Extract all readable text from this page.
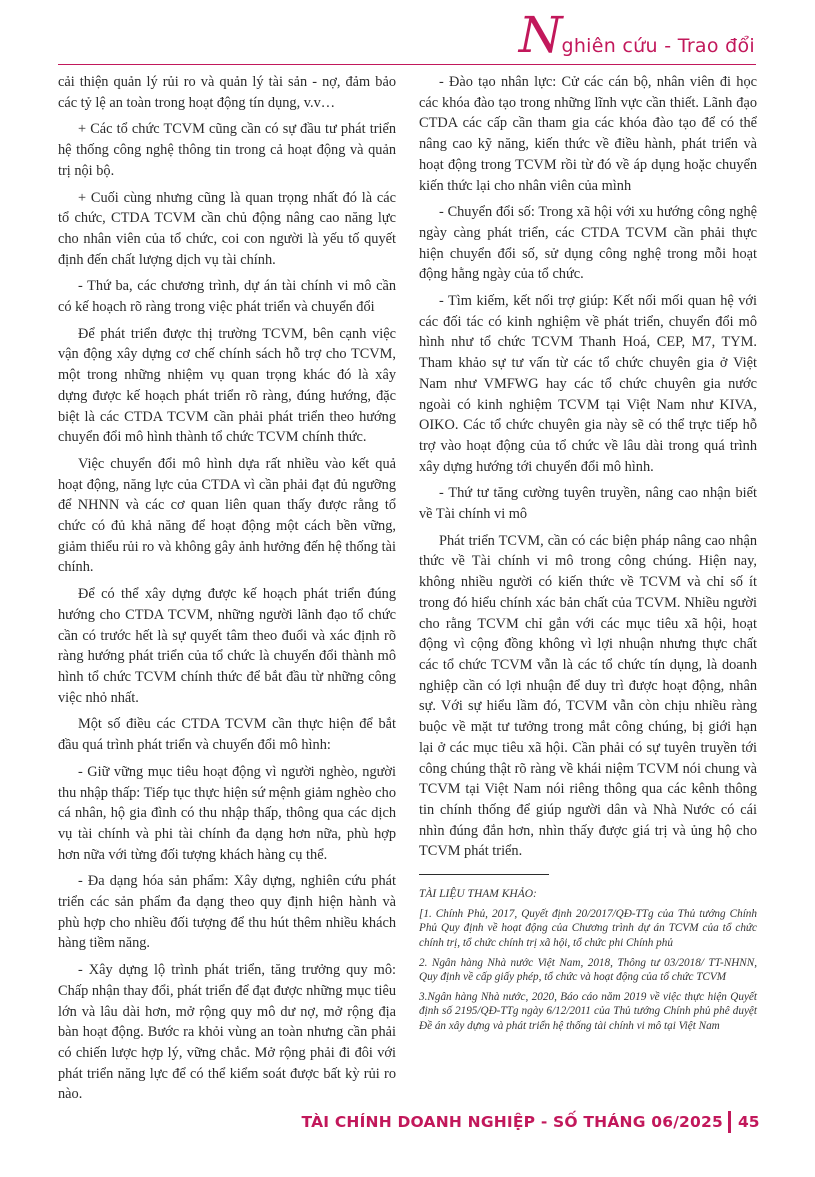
N ghiên cứu - Trao đổi

cải thiện quản lý rủi ro và quản lý tài sản - nợ, đảm bảo các tỷ lệ an toàn trong hoạt động tín dụng, v.v…

+ Các tổ chức TCVM cũng cần có sự đầu tư phát triển hệ thống công nghệ thông tin trong cả hoạt động và quản trị nội bộ.

+ Cuối cùng nhưng cũng là quan trọng nhất đó là các tổ chức, CTDA TCVM cần chủ động nâng cao năng lực cho nhân viên của tổ chức, coi con người là yếu tố quyết định đến chất lượng dịch vụ tài chính.

- Thứ ba, các chương trình, dự án tài chính vi mô cần có kế hoạch rõ ràng trong việc phát triển và chuyển đổi

Để phát triển được thị trường TCVM, bên cạnh việc vận động xây dựng cơ chế chính sách hỗ trợ cho TCVM, một trong những nhiệm vụ quan trọng khác đó là xây dựng được kế hoạch phát triển rõ ràng, đúng hướng, đặc biệt là các CTDA TCVM cần phải phát triển theo hướng chuyển đổi mô hình thành tổ chức TCVM chính thức.

Việc chuyển đổi mô hình dựa rất nhiều vào kết quả hoạt động, năng lực của CTDA vì cần phải đạt đủ ngưỡng để NHNN và các cơ quan liên quan thấy được rằng tổ chức có đủ khả năng để hoạt động một cách bền vững, giảm thiểu rủi ro và không gây ảnh hưởng đến hệ thống tài chính.

Để có thể xây dựng được kế hoạch phát triển đúng hướng cho CTDA TCVM, những người lãnh đạo tổ chức cần có trước hết là sự quyết tâm theo đuổi và xác định rõ ràng hướng phát triển của tổ chức là chuyển đổi thành mô hình tổ chức TCVM chính thức để bắt đầu từ những công việc nhỏ nhất.

Một số điều các CTDA TCVM cần thực hiện để bắt đầu quá trình phát triển và chuyển đổi mô hình:

- Giữ vững mục tiêu hoạt động vì người nghèo, người thu nhập thấp: Tiếp tục thực hiện sứ mệnh giảm nghèo cho cá nhân, hộ gia đình có thu nhập thấp, thông qua các dịch vụ tài chính và phi tài chính đa dạng hơn nữa, phù hợp hơn nữa với từng đối tượng khách hàng cụ thể.

- Đa dạng hóa sản phẩm: Xây dựng, nghiên cứu phát triển các sản phẩm đa dạng theo quy định hiện hành và phù hợp cho nhiều đối tượng để thu hút thêm nhiều khách hàng tiềm năng.

- Xây dựng lộ trình phát triển, tăng trưởng quy mô: Chấp nhận thay đổi, phát triển để đạt được những mục tiêu lớn và lâu dài hơn, mở rộng quy mô dư nợ, mở rộng địa bàn hoạt động. Bước ra khỏi vùng an toàn nhưng cần phải có chiến lược hợp lý, vững chắc. Mở rộng phải đi đôi với phát triển năng lực để có thể kiểm soát được bất kỳ rủi ro nào.

- Đào tạo nhân lực: Cử các cán bộ, nhân viên đi học các khóa đào tạo trong những lĩnh vực cần thiết. Lãnh đạo CTDA các cấp cần tham gia các khóa đào tạo để có thể nâng cao kỹ năng, kiến thức về điều hành, phát triển và hoạt động trong TCVM rồi từ đó về áp dụng hoặc chuyển kiến thức lại cho nhân viên của mình

- Chuyển đổi số: Trong xã hội với xu hướng công nghệ ngày càng phát triển, các CTDA TCVM cần phải thực hiện chuyển đổi số, sử dụng công nghệ trong mỗi hoạt động hằng ngày của tổ chức.

- Tìm kiếm, kết nối trợ giúp: Kết nối mối quan hệ với các đối tác có kinh nghiệm về phát triển, chuyển đổi mô hình như tổ chức TCVM Thanh Hoá, CEP, M7, TYM. Tham khảo sự tư vấn từ các tổ chức chuyên gia ở Việt Nam như VMFWG hay các tổ chức chuyên gia nước ngoài có kinh nghiệm TCVM tại Việt Nam như KIVA, OIKO. Các tổ chức chuyên gia này sẽ có thể trực tiếp hỗ trợ vào hoạt động của tổ chức về lâu dài trong quá trình xây dựng hướng tới chuyển đổi mô hình.

- Thứ tư tăng cường tuyên truyền, nâng cao nhận biết về Tài chính vi mô

Phát triển TCVM, cần có các biện pháp nâng cao nhận thức về Tài chính vi mô trong công chúng. Hiện nay, không nhiều người có kiến thức về TCVM và chỉ số ít trong đó hiểu chính xác bản chất của TCVM. Nhiều người cho rằng TCVM chỉ gắn với các mục tiêu xã hội, hoạt động vì cộng đồng không vì lợi nhuận nhưng thực chất các tổ chức TCVM vẫn là các tổ chức tín dụng, là doanh nghiệp cần có lợi nhuận để duy trì được hoạt động, nhân sự. Với sự hiểu lầm đó, TCVM vẫn còn chịu nhiều ràng buộc về mặt tư tưởng trong mắt công chúng, bị giới hạn lại ở các mục tiêu xã hội. Cần phải có sự tuyên truyền tới công chúng thật rõ ràng về khái niệm TCVM nói chung và TCVM tại Việt Nam nói riêng thông qua các kênh thông tin chính thống để giúp người dân và Nhà Nước có cái nhìn đúng đắn hơn, nhìn thấy được giá trị và ủng hộ cho TCVM phát triển.

TÀI LIỆU THAM KHẢO:

[1. Chính Phủ, 2017, Quyết định 20/2017/QĐ-TTg của Thủ tướng Chính Phủ Quy định về hoạt động của Chương trình dự án TCVM của tổ chức chính trị, tổ chức chính trị xã hội, tổ chức phi Chính phủ

2. Ngân hàng Nhà nước Việt Nam, 2018, Thông tư 03/2018/ TT-NHNN, Quy định về cấp giấy phép, tổ chức và hoạt động của tổ chức TCVM

3.Ngân hàng Nhà nước, 2020, Báo cáo năm 2019 về việc thực hiện Quyết định số 2195/QĐ-TTg ngày 6/12/2011 của Thủ tướng Chính phủ phê duyệt Đề án xây dựng và phát triển hệ thống tài chính vi mô tại Việt Nam

TÀI CHÍNH DOANH NGHIỆP - SỐ THÁNG 06/2025 45
